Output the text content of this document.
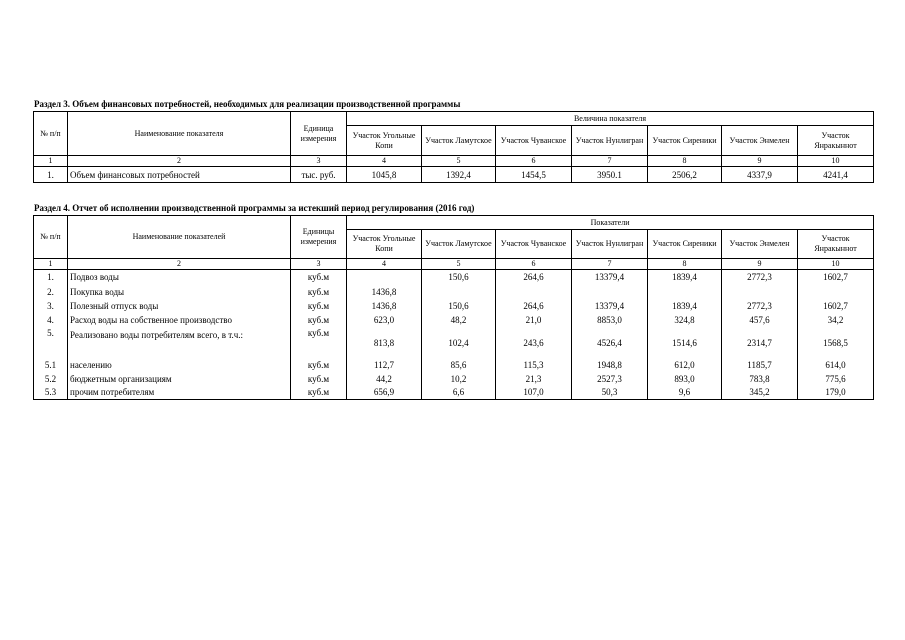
Раздел 3. Объем финансовых потребностей, необходимых для реализации производственной программы
№ п/п	Наименование показателя	Единица измерения	Величина показателя						
			Участок Угольные Копи	Участок Ламутское	Участок Чуванское	Участок Нунлигран	Участок Сиреники	Участок Энмелен	Участок Янракыннот
1	2	3	4	5	6	7	8	9	10
1.	Объем финансовых потребностей	тыс. руб.	1045,8	1392,4	1454,5	3950.1	2506,2	4337,9	4241,4
Раздел 4. Отчет об исполнении производственной программы за истекший период регулирования (2016 год)
№ п/п	Наименование показателей	Единицы измерения	Показатели						
			Участок Угольные Копи	Участок Ламутское	Участок Чуванское	Участок Нунлигран	Участок Сиреники	Участок Энмелен	Участок Янракыннот
1	2	3	4	5	6	7	8	9	10
1.	Подвоз воды	куб.м		150,6	264,6	13379,4	1839,4	2772,3	1602,7
2.	Покупка воды	куб.м	1436,8						
3.	Полезный отпуск воды	куб.м	1436,8	150,6	264,6	13379,4	1839,4	2772,3	1602,7
4.	Расход воды на собственное производство	куб.м	623,0	48,2	21,0	8853,0	324,8	457,6	34,2
5.	Реализовано воды потребителям всего, в т.ч.:	куб.м	813,8	102,4	243,6	4526,4	1514,6	2314,7	1568,5
5.1	населению	куб.м	112,7	85,6	115,3	1948,8	612,0	1185,7	614,0
5.2	бюджетным организациям	куб.м	44,2	10,2	21,3	2527,3	893,0	783,8	775,6
5.3	прочим потребителям	куб.м	656,9	6,6	107,0	50,3	9,6	345,2	179,0
